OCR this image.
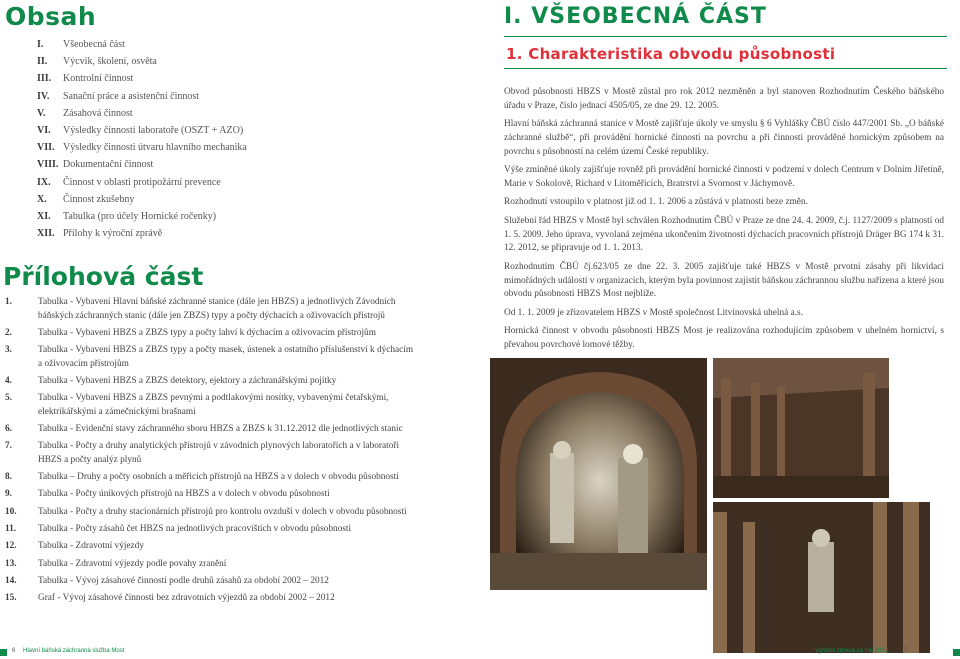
Obsah
I. Všeobecná část
II. Výcvik, školení, osvěta
III. Kontrolní činnost
IV. Sanační práce a asistenční činnost
V. Zásahová činnost
VI. Výsledky činnosti laboratoře (OSZT + AZO)
VII. Výsledky činnosti útvaru hlavního mechanika
VIII. Dokumentační činnost
IX. Činnost v oblasti protipožární prevence
X. Činnost zkušebny
XI. Tabulka (pro účely Hornické ročenky)
XII. Přílohy k výroční zprávě
Přílohová část
1.	Tabulka - Vybavení Hlavní báňské záchranné stanice (dále jen HBZS) a jednotlivých Závodních báňských záchranných stanic (dále jen ZBZS) typy a počty dýchacích a oživovacích přístrojů
2.	Tabulka - Vybavení HBZS a ZBZS typy a počty lahví k dýchacím a oživovacím přístrojům
3.	Tabulka - Vybavení HBZS a ZBZS typy a počty masek, ústenek a ostatního příslušenství k dýchacím a oživovacím přístrojům
4.	Tabulka - Vybavení HBZS a ZBZS detektory, ejektory a záchranářskými pojítky
5.	Tabulka - Vybavení HBZS a ZBZS pevnými a podtlakovými nosítky, vybavenými četařskými, elektrikářskými a zámečnickými brašnami
6.	Tabulka - Evidenční stavy záchranného sboru HBZS a ZBZS k 31.12.2012 dle jednotlivých stanic
7.	Tabulka - Počty a druhy analytických přístrojů v závodních plynových laboratořích a v laboratoři HBZS a počty analýz plynů
8.	Tabulka – Druhy a počty osobních a měřicích přístrojů na HBZS a v dolech v obvodu působnosti
9.	Tabulka - Počty únikových přístrojů na HBZS a v dolech v obvodu působnosti
10.	Tabulka - Počty a druhy stacionárních přístrojů pro kontrolu ovzduší v dolech v obvodu působnosti
11.	Tabulka - Počty zásahů čet HBZS na jednotlivých pracovištích v obvodu působnosti
12.	Tabulka - Zdravotní výjezdy
13.	Tabulka - Zdravotní výjezdy podle povahy zranění
14.	Tabulka - Vývoj zásahové činnosti podle druhů zásahů za období 2002 – 2012
15.	Graf - Vývoj zásahové činnosti bez zdravotních výjezdů za období 2002 – 2012
6 Hlavní báňská záchranná služba Most
I. VŠEOBECNÁ ČÁST
1. Charakteristika obvodu působnosti

Obvod působnosti HBZS v Mostě zůstal pro rok 2012 nezměněn a byl stanoven Rozhodnutím Českého báňského úřadu v Praze, číslo jednací 4505/05, ze dne 29. 12. 2005.

Hlavní báňská záchranná stanice v Mostě zajišťuje úkoly ve smyslu § 6 Vyhlášky ČBÚ číslo 447/2001 Sb. „O báňské záchranné službě“, při provádění hornické činnosti na povrchu a při činnosti prováděné hornickým způsobem na povrchu s působností na celém území České republiky.

Výše zmíněné úkoly zajišťuje rovněž při provádění hornické činnosti v podzemí v dolech Centrum v Dolním Jiřetíně, Marie v Sokolově, Richard v Litoměřicích, Bratrství a Svornost v Jáchymově.

Rozhodnutí vstoupilo v platnost již od 1. 1. 2006 a zůstává v platnosti beze změn.

Služební řád HBZS v Mostě byl schválen Rozhodnutím ČBÚ v Praze ze dne 24. 4. 2009, č.j. 1127/2009 s platností od 1. 5. 2009. Jeho úprava, vyvolaná zejména ukončením životnosti dýchacích pracovních přístrojů Dräger BG 174 k 31. 12. 2012, se připravuje od 1. 1. 2013.

Rozhodnutím ČBÚ čj.623/05 ze dne 22. 3. 2005 zajišťuje také HBZS v Mostě prvotní zásahy při likvidaci mimořádných událostí v organizacích, kterým byla povinnost zajistit báňskou záchrannou službu nařízena a které jsou obvodu působnosti HBZS Most nejblíže.

Od 1. 1. 2009 je zřizovatelem HBZS v Mostě společnost Litvínovská uhelná a.s.

Hornická činnost v obvodu působnosti HBZS Most je realizována rozhodujícím způsobem v uhelném hornictví, s převahou povrchové lomové těžby.

Výroční zpráva za rok 2012	7
